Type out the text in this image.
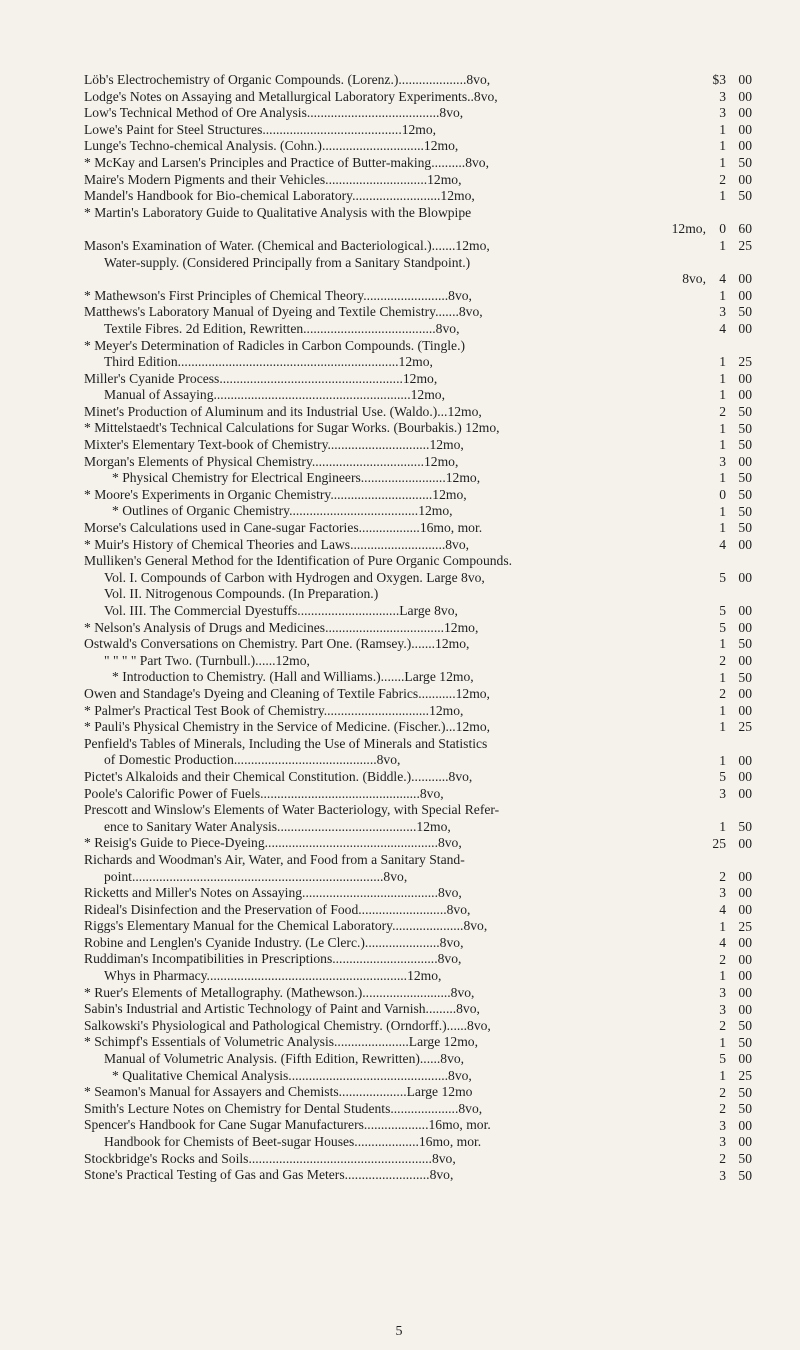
Löb's Electrochemistry of Organic Compounds. (Lorenz.)....................8vo,
Lodge's Notes on Assaying and Metallurgical Laboratory Experiments..8vo,
Low's Technical Method of Ore Analysis.......................................8vo,
Lowe's Paint for Steel Structures.........................................12mo,
Lunge's Techno-chemical Analysis. (Cohn.)..............................12mo,
* McKay and Larsen's Principles and Practice of Butter-making..........8vo,
Maire's Modern Pigments and their Vehicles..............................12mo,
Mandel's Handbook for Bio-chemical Laboratory..........................12mo,
* Martin's Laboratory Guide to Qualitative Analysis with the Blowpipe
12mo,
Mason's Examination of Water. (Chemical and Bacteriological.).......12mo,
Water-supply. (Considered Principally from a Sanitary Standpoint.)
8vo,
* Mathewson's First Principles of Chemical Theory.........................8vo,
Matthews's Laboratory Manual of Dyeing and Textile Chemistry.......8vo,
Textile Fibres. 2d Edition, Rewritten.......................................8vo,
* Meyer's Determination of Radicles in Carbon Compounds. (Tingle.)
Third Edition.................................................................12mo,
Miller's Cyanide Process......................................................12mo,
Manual of Assaying..........................................................12mo,
Minet's Production of Aluminum and its Industrial Use. (Waldo.)...12mo,
* Mittelstaedt's Technical Calculations for Sugar Works. (Bourbakis.) 12mo,
Mixter's Elementary Text-book of Chemistry..............................12mo,
Morgan's Elements of Physical Chemistry.................................12mo,
* Physical Chemistry for Electrical Engineers.........................12mo,
* Moore's Experiments in Organic Chemistry..............................12mo,
* Outlines of Organic Chemistry......................................12mo,
Morse's Calculations used in Cane-sugar Factories..................16mo, mor.
* Muir's History of Chemical Theories and Laws............................8vo,
Mulliken's General Method for the Identification of Pure Organic Compounds.
Vol. I. Compounds of Carbon with Hydrogen and Oxygen. Large 8vo,
Vol. II. Nitrogenous Compounds. (In Preparation.)
Vol. III. The Commercial Dyestuffs..............................Large 8vo,
* Nelson's Analysis of Drugs and Medicines...................................12mo,
Ostwald's Conversations on Chemistry. Part One. (Ramsey.).......12mo,
" " " " Part Two. (Turnbull.)......12mo,
* Introduction to Chemistry. (Hall and Williams.).......Large 12mo,
Owen and Standage's Dyeing and Cleaning of Textile Fabrics...........12mo,
* Palmer's Practical Test Book of Chemistry...............................12mo,
* Pauli's Physical Chemistry in the Service of Medicine. (Fischer.)...12mo,
Penfield's Tables of Minerals, Including the Use of Minerals and Statistics
of Domestic Production..........................................8vo,
Pictet's Alkaloids and their Chemical Constitution. (Biddle.)...........8vo,
Poole's Calorific Power of Fuels...............................................8vo,
Prescott and Winslow's Elements of Water Bacteriology, with Special Refer-
ence to Sanitary Water Analysis.........................................12mo,
* Reisig's Guide to Piece-Dyeing...................................................8vo,
Richards and Woodman's Air, Water, and Food from a Sanitary Stand-
point..........................................................................8vo,
Ricketts and Miller's Notes on Assaying........................................8vo,
Rideal's Disinfection and the Preservation of Food..........................8vo,
Riggs's Elementary Manual for the Chemical Laboratory.....................8vo,
Robine and Lenglen's Cyanide Industry. (Le Clerc.)......................8vo,
Ruddiman's Incompatibilities in Prescriptions...............................8vo,
Whys in Pharmacy...........................................................12mo,
* Ruer's Elements of Metallography. (Mathewson.)..........................8vo,
Sabin's Industrial and Artistic Technology of Paint and Varnish.........8vo,
Salkowski's Physiological and Pathological Chemistry. (Orndorff.)......8vo,
* Schimpf's Essentials of Volumetric Analysis......................Large 12mo,
Manual of Volumetric Analysis. (Fifth Edition, Rewritten)......8vo,
* Qualitative Chemical Analysis...............................................8vo,
* Seamon's Manual for Assayers and Chemists....................Large 12mo
Smith's Lecture Notes on Chemistry for Dental Students....................8vo,
Spencer's Handbook for Cane Sugar Manufacturers...................16mo, mor.
Handbook for Chemists of Beet-sugar Houses...................16mo, mor.
Stockbridge's Rocks and Soils......................................................8vo,
Stone's Practical Testing of Gas and Gas Meters.........................8vo,
$3 00
3 00
3 00
1 00
1 00
1 50
2 00
1 50
0 60
1 25
4 00
1 00
3 50
4 00
1 25
1 00
1 00
2 50
1 50
1 50
3 00
1 50
0 50
1 50
1 50
4 00
5 00
5 00
5 00
1 50
2 00
1 50
2 00
1 00
1 25
1 00
5 00
3 00
1 50
25 00
2 00
3 00
4 00
1 25
4 00
2 00
1 00
3 00
3 00
2 50
1 50
5 00
1 25
2 50
2 50
3 00
3 00
2 50
3 50
5
